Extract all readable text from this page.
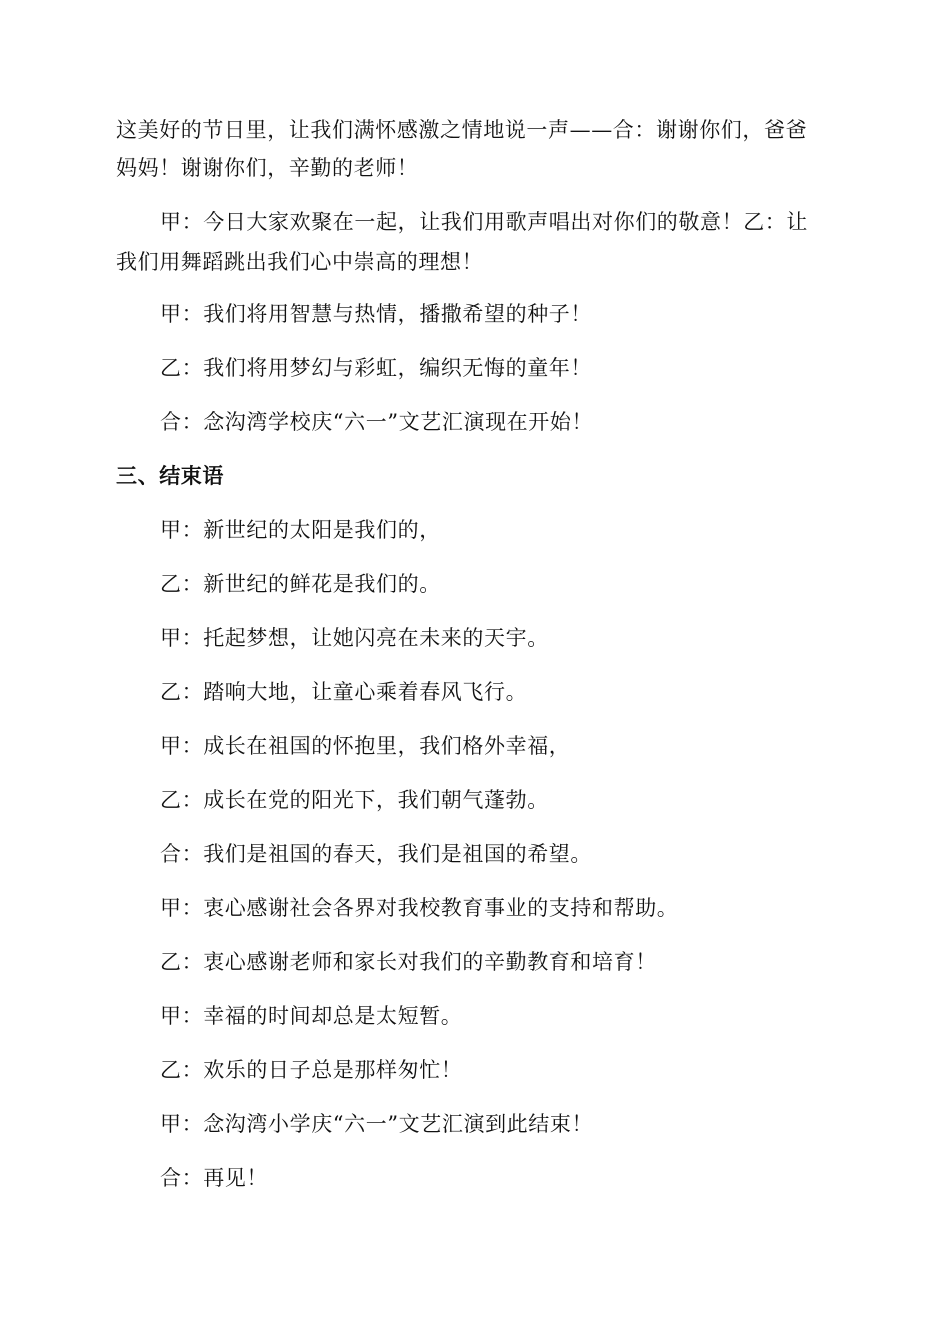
这美好的节日里，让我们满怀感激之情地说一声——合：谢谢你们，爸爸
妈妈！谢谢你们，辛勤的老师！

甲：今日大家欢聚在一起，让我们用歌声唱出对你们的敬意！乙：让
我们用舞蹈跳出我们心中崇高的理想！

甲：我们将用智慧与热情，播撒希望的种子！

乙：我们将用梦幻与彩虹，编织无悔的童年！

合：念沟湾学校庆“六一”文艺汇演现在开始！

三、结束语

甲：新世纪的太阳是我们的，

乙：新世纪的鲜花是我们的。

甲：托起梦想，让她闪亮在未来的天宇。

乙：踏响大地，让童心乘着春风飞行。

甲：成长在祖国的怀抱里，我们格外幸福，

乙：成长在党的阳光下，我们朝气蓬勃。

合：我们是祖国的春天，我们是祖国的希望。

甲：衷心感谢社会各界对我校教育事业的支持和帮助。

乙：衷心感谢老师和家长对我们的辛勤教育和培育！

甲：幸福的时间却总是太短暂。

乙：欢乐的日子总是那样匆忙！

甲：念沟湾小学庆“六一”文艺汇演到此结束！

合：再见！
